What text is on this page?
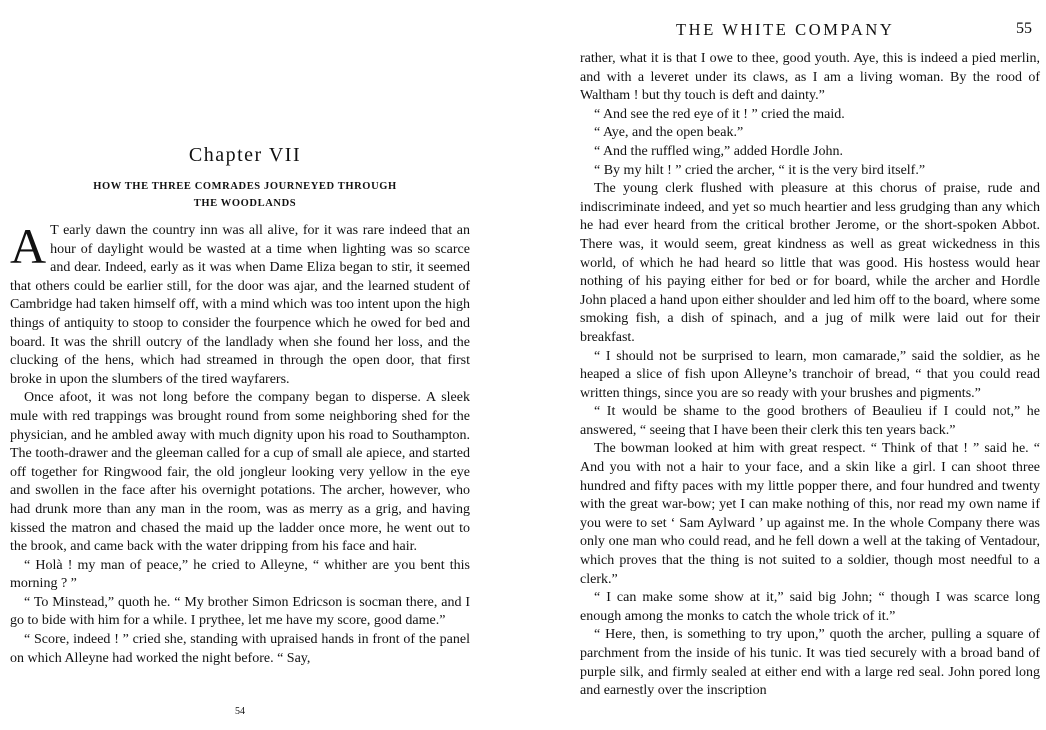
Chapter VII
HOW THE THREE COMRADES JOURNEYED THROUGH THE WOODLANDS

A T early dawn the country inn was all alive, for it was rare indeed that an hour of daylight would be wasted at a time when lighting was so scarce and dear. Indeed, early as it was when Dame Eliza began to stir, it seemed that others could be earlier still, for the door was ajar, and the learned student of Cambridge had taken himself off, with a mind which was too intent upon the high things of antiquity to stoop to consider the fourpence which he owed for bed and board. It was the shrill outcry of the landlady when she found her loss, and the clucking of the hens, which had streamed in through the open door, that first broke in upon the slumbers of the tired wayfarers.

Once afoot, it was not long before the company began to disperse. A sleek mule with red trappings was brought round from some neighboring shed for the physician, and he ambled away with much dignity upon his road to Southampton. The tooth-drawer and the gleeman called for a cup of small ale apiece, and started off together for Ringwood fair, the old jongleur looking very yellow in the eye and swollen in the face after his overnight potations. The archer, however, who had drunk more than any man in the room, was as merry as a grig, and having kissed the matron and chased the maid up the ladder once more, he went out to the brook, and came back with the water dripping from his face and hair.

“ Holà ! my man of peace,” he cried to Alleyne, “ whither are you bent this morning ? ”

“ To Minstead,” quoth he. “ My brother Simon Edricson is socman there, and I go to bide with him for a while. I prythee, let me have my score, good dame.”

“ Score, indeed ! ” cried she, standing with upraised hands in front of the panel on which Alleyne had worked the night before. “ Say,

54
THE WHITE COMPANY	55

rather, what it is that I owe to thee, good youth. Aye, this is indeed a pied merlin, and with a leveret under its claws, as I am a living woman. By the rood of Waltham ! but thy touch is deft and dainty.”

“ And see the red eye of it ! ” cried the maid.

“ Aye, and the open beak.”

“ And the ruffled wing,” added Hordle John.

“ By my hilt ! ” cried the archer, “ it is the very bird itself.”

The young clerk flushed with pleasure at this chorus of praise, rude and indiscriminate indeed, and yet so much heartier and less grudging than any which he had ever heard from the critical brother Jerome, or the short-spoken Abbot. There was, it would seem, great kindness as well as great wickedness in this world, of which he had heard so little that was good. His hostess would hear nothing of his paying either for bed or for board, while the archer and Hordle John placed a hand upon either shoulder and led him off to the board, where some smoking fish, a dish of spinach, and a jug of milk were laid out for their breakfast.

“ I should not be surprised to learn, mon camarade,” said the soldier, as he heaped a slice of fish upon Alleyne’s tranchoir of bread, “ that you could read written things, since you are so ready with your brushes and pigments.”

“ It would be shame to the good brothers of Beaulieu if I could not,” he answered, “ seeing that I have been their clerk this ten years back.”

The bowman looked at him with great respect. “ Think of that ! ” said he. “ And you with not a hair to your face, and a skin like a girl. I can shoot three hundred and fifty paces with my little popper there, and four hundred and twenty with the great war-bow; yet I can make nothing of this, nor read my own name if you were to set ‘ Sam Aylward ’ up against me. In the whole Company there was only one man who could read, and he fell down a well at the taking of Ventadour, which proves that the thing is not suited to a soldier, though most needful to a clerk.”

“ I can make some show at it,” said big John; “ though I was scarce long enough among the monks to catch the whole trick of it.”

“ Here, then, is something to try upon,” quoth the archer, pulling a square of parchment from the inside of his tunic. It was tied securely with a broad band of purple silk, and firmly sealed at either end with a large red seal. John pored long and earnestly over the inscription
